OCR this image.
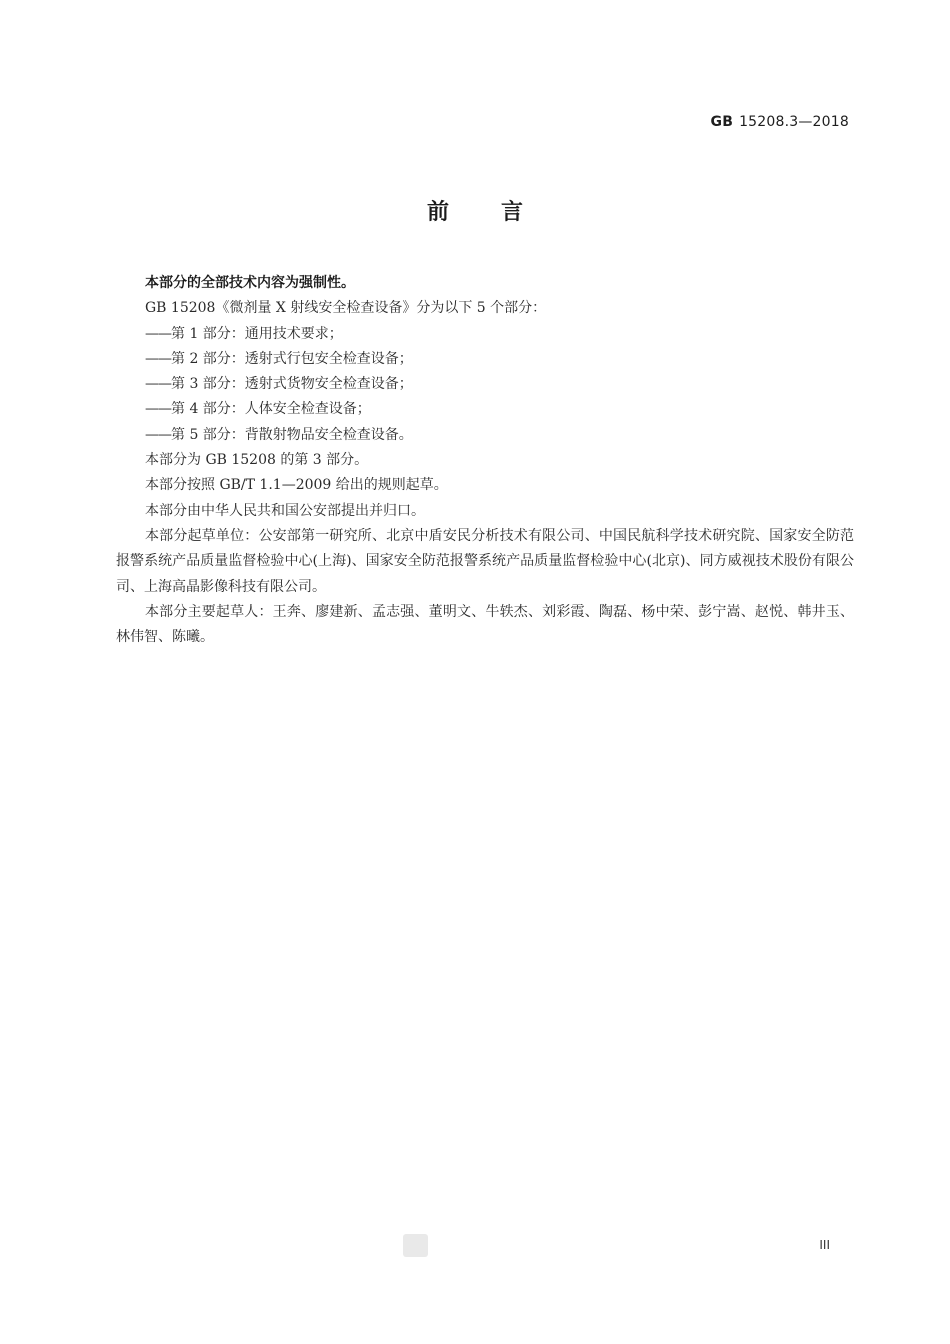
GB 15208.3—2018
前言

本部分的全部技术内容为强制性。

GB 15208《微剂量 X 射线安全检查设备》分为以下 5 个部分：

——第 1 部分：通用技术要求；

——第 2 部分：透射式行包安全检查设备；

——第 3 部分：透射式货物安全检查设备；

——第 4 部分：人体安全检查设备；

——第 5 部分：背散射物品安全检查设备。

本部分为 GB 15208 的第 3 部分。

本部分按照 GB/T 1.1—2009 给出的规则起草。

本部分由中华人民共和国公安部提出并归口。

本部分起草单位：公安部第一研究所、北京中盾安民分析技术有限公司、中国民航科学技术研究院、国家安全防范报警系统产品质量监督检验中心(上海)、国家安全防范报警系统产品质量监督检验中心(北京)、同方威视技术股份有限公司、上海高晶影像科技有限公司。

本部分主要起草人：王奔、廖建新、孟志强、董明文、牛轶杰、刘彩霞、陶磊、杨中荣、彭宁嵩、赵悦、韩井玉、林伟智、陈曦。

III
